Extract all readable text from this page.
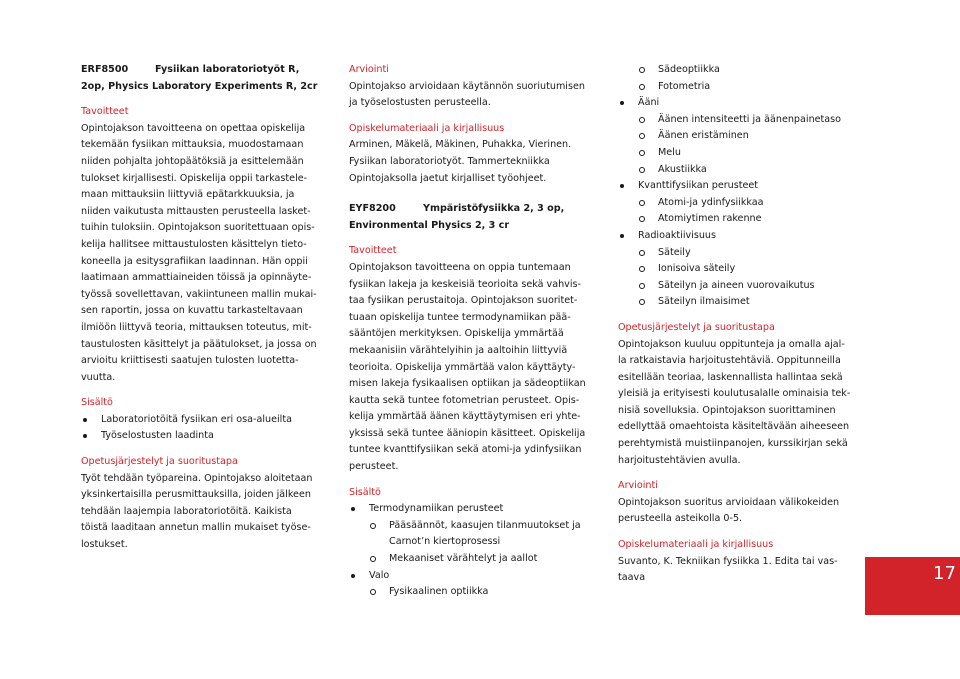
ERF8500	Fysiikan laboratoriotyöt R,
2op, Physics Laboratory Experiments R, 2cr
Tavoitteet
Opintojakson tavoitteena on opettaa opiskelija
tekemään fysiikan mittauksia, muodostamaan
niiden pohjalta johtopäätöksiä ja esittelemään
tulokset kirjallisesti. Opiskelija oppii tarkastele-
maan mittauksiin liittyviä epätarkkuuksia, ja
niiden vaikutusta mittausten perusteella lasket-
tuihin tuloksiin. Opintojakson suoritettuaan opis-
kelija hallitsee mittaustulosten käsittelyn tieto-
koneella ja esitysgrafiikan laadinnan. Hän oppii
laatimaan ammattiaineiden töissä ja opinnäyte-
työssä sovellettavan, vakiintuneen mallin mukai-
sen raportin, jossa on kuvattu tarkasteltavaan
ilmiöön liittyvä teoria, mittauksen toteutus, mit-
taustulosten käsittelyt ja päätulokset, ja jossa on
arvioitu kriittisesti saatujen tulosten luotetta-
vuutta.
Sisältö
Laboratoriotöitä fysiikan eri osa-alueilta
Työselostusten laadinta
Opetusjärjestelyt ja suoritustapa
Työt tehdään työpareina. Opintojakso aloitetaan
yksinkertaisilla perusmittauksilla, joiden jälkeen
tehdään laajempia laboratoriotöitä. Kaikista
töistä laaditaan annetun mallin mukaiset työse-
lostukset.
Arviointi
Opintojakso arvioidaan käytännön suoriutumisen
ja työselostusten perusteella.
Opiskelumateriaali ja kirjallisuus
Arminen, Mäkelä, Mäkinen, Puhakka, Vierinen.
Fysiikan laboratoriotyöt. Tammertekniikka
Opintojaksolla jaetut kirjalliset työohjeet.
EYF8200	Ympäristöfysiikka 2, 3 op,
Environmental Physics 2, 3 cr
Tavoitteet
Opintojakson tavoitteena on oppia tuntemaan
fysiikan lakeja ja keskeisiä teorioita sekä vahvis-
taa fysiikan perustaitoja. Opintojakson suoritet-
tuaan opiskelija tuntee termodynamiikan pää-
sääntöjen merkityksen. Opiskelija ymmärtää
mekaanisiin värähtelyihin ja aaltoihin liittyviä
teorioita. Opiskelija ymmärtää valon käyttäyty-
misen lakeja fysikaalisen optiikan ja sädeoptiikan
kautta sekä tuntee fotometrian perusteet. Opis-
kelija ymmärtää äänen käyttäytymisen eri yhte-
yksissä sekä tuntee ääniopin käsitteet. Opiskelija
tuntee kvanttifysiikan sekä atomi-ja ydinfysiikan
perusteet.
Sisältö
Termodynamiikan perusteet
Pääsäännöt, kaasujen tilanmuutokset ja
Carnot’n kiertoprosessi
Mekaaniset värähtelyt ja aallot
Valo
Fysikaalinen optiikka
Sädeoptiikka
Fotometria
Ääni
Äänen intensiteetti ja äänenpainetaso
Äänen eristäminen
Melu
Akustiikka
Kvanttifysiikan perusteet
Atomi-ja ydinfysiikkaa
Atomiytimen rakenne
Radioaktiivisuus
Säteily
Ionisoiva säteily
Säteilyn ja aineen vuorovaikutus
Säteilyn ilmaisimet
Opetusjärjestelyt ja suoritustapa
Opintojakson kuuluu oppitunteja ja omalla ajal-
la ratkaistavia harjoitustehtäviä. Oppitunneilla
esitellään teoriaa, laskennallista hallintaa sekä
yleisiä ja erityisesti koulutusalalle ominaisia tek-
nisiä sovelluksia. Opintojakson suorittaminen
edellyttää omaehtoista käsiteltävään aiheeseen
perehtymistä muistiinpanojen, kurssikirjan sekä
harjoitustehtävien avulla.
Arviointi
Opintojakson suoritus arvioidaan välikokeiden
perusteella asteikolla 0-5.
Opiskelumateriaali ja kirjallisuus
Suvanto, K. Tekniikan fysiikka 1. Edita tai vas-
taava	17
